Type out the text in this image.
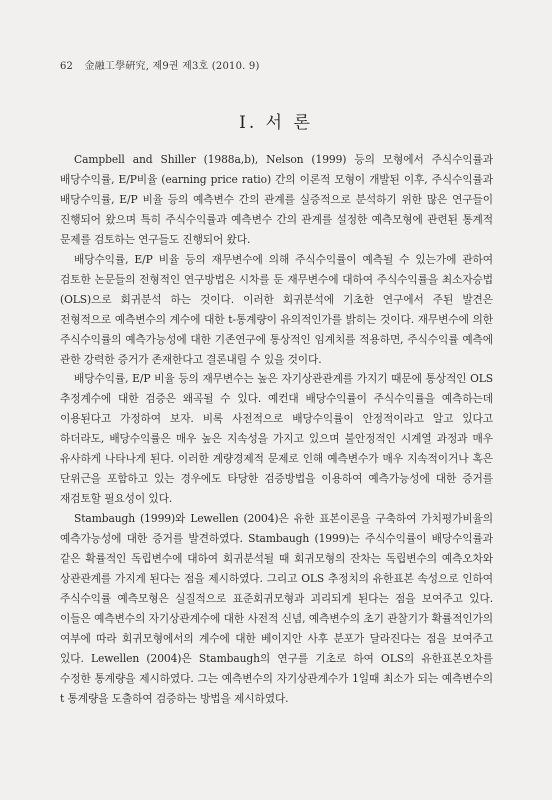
62 金融工學硏究, 제9권 제3호 (2010. 9)
Ⅰ. 서 론

Campbell and Shiller (1988a,b), Nelson (1999) 등의 모형에서 주식수익률과 배당수익률, E/P비율 (earning price ratio) 간의 이론적 모형이 개발된 이후, 주식수익률과 배당수익률, E/P 비율 등의 예측변수 간의 관계를 실증적으로 분석하기 위한 많은 연구들이 진행되어 왔으며 특히 주식수익률과 예측변수 간의 관계를 설정한 예측모형에 관련된 통계적 문제를 검토하는 연구들도 진행되어 왔다.

배당수익률, E/P 비율 등의 재무변수에 의해 주식수익률이 예측될 수 있는가에 관하여 검토한 논문들의 전형적인 연구방법은 시차를 둔 재무변수에 대하여 주식수익률을 최소자승법(OLS)으로 회귀분석 하는 것이다. 이러한 회귀분석에 기초한 연구에서 주된 발견은 전형적으로 예측변수의 계수에 대한 t-통계량이 유의적인가를 밝히는 것이다. 재무변수에 의한 주식수익률의 예측가능성에 대한 기존연구에 통상적인 임계치를 적용하면, 주식수익률 예측에 관한 강력한 증거가 존재한다고 결론내릴 수 있을 것이다.

배당수익률, E/P 비율 등의 재무변수는 높은 자기상관관계를 가지기 때문에 통상적인 OLS 추정계수에 대한 검증은 왜곡될 수 있다. 예컨대 배당수익률이 주식수익률을 예측하는데 이용된다고 가정하여 보자. 비록 사전적으로 배당수익률이 안정적이라고 알고 있다고 하더라도, 배당수익률은 매우 높은 지속성을 가지고 있으며 불안정적인 시계열 과정과 매우 유사하게 나타나게 된다. 이러한 계량경제적 문제로 인해 예측변수가 매우 지속적이거나 혹은 단위근을 포함하고 있는 경우에도 타당한 검증방법을 이용하여 예측가능성에 대한 증거를 재검토할 필요성이 있다.

Stambaugh (1999)와 Lewellen (2004)은 유한 표본이론을 구축하여 가치평가비율의 예측가능성에 대한 증거를 발견하였다. Stambaugh (1999)는 주식수익률이 배당수익률과 같은 확률적인 독립변수에 대하여 회귀분석될 때 회귀모형의 잔차는 독립변수의 예측오차와 상관관계를 가지게 된다는 점을 제시하였다. 그리고 OLS 추정치의 유한표본 속성으로 인하여 주식수익률 예측모형은 실질적으로 표준회귀모형과 괴리되게 된다는 점을 보여주고 있다. 이들은 예측변수의 자기상관계수에 대한 사전적 신념, 예측변수의 초기 관찰기가 확률적인가의 여부에 따라 회귀모형에서의 계수에 대한 베이지안 사후 분포가 달라진다는 점을 보여주고 있다. Lewellen (2004)은 Stambaugh의 연구를 기초로 하여 OLS의 유한표본오차를 수정한 통계량을 제시하였다. 그는 예측변수의 자기상관계수가 1일때 최소가 되는 예측변수의 t 통계량을 도출하여 검증하는 방법을 제시하였다.
